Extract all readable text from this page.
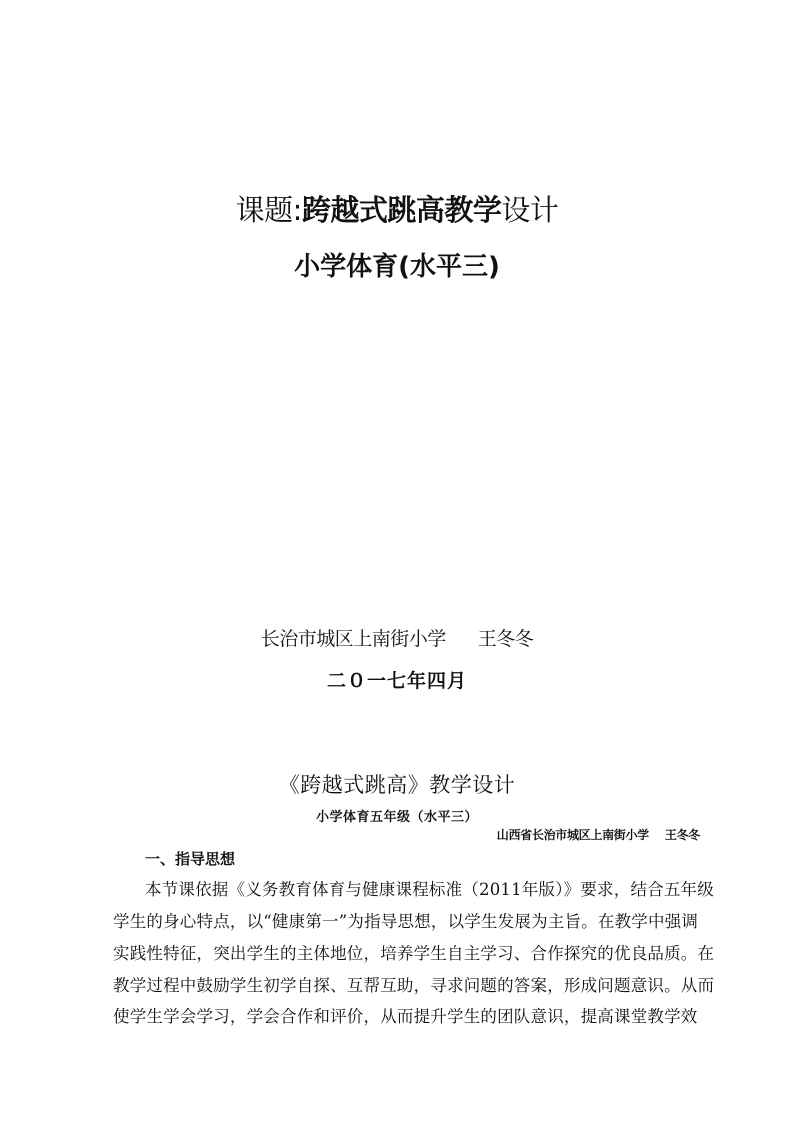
课题:跨越式跳高教学设计
小学体育(水平三)
长治市城区上南街小学 王冬冬
二０一七年四月
《跨越式跳高》教学设计
小学体育五年级（水平三）
山西省长治市城区上南街小学 王冬冬
一、指导思想
本节课依据《义务教育体育与健康课程标准（2011年版）》要求，结合五年级
学生的身心特点，以“健康第一”为指导思想，以学生发展为主旨。在教学中强调
实践性特征，突出学生的主体地位，培养学生自主学习、合作探究的优良品质。在
教学过程中鼓励学生初学自探、互帮互助，寻求问题的答案，形成问题意识。从而
使学生学会学习，学会合作和评价，从而提升学生的团队意识，提高课堂教学效
